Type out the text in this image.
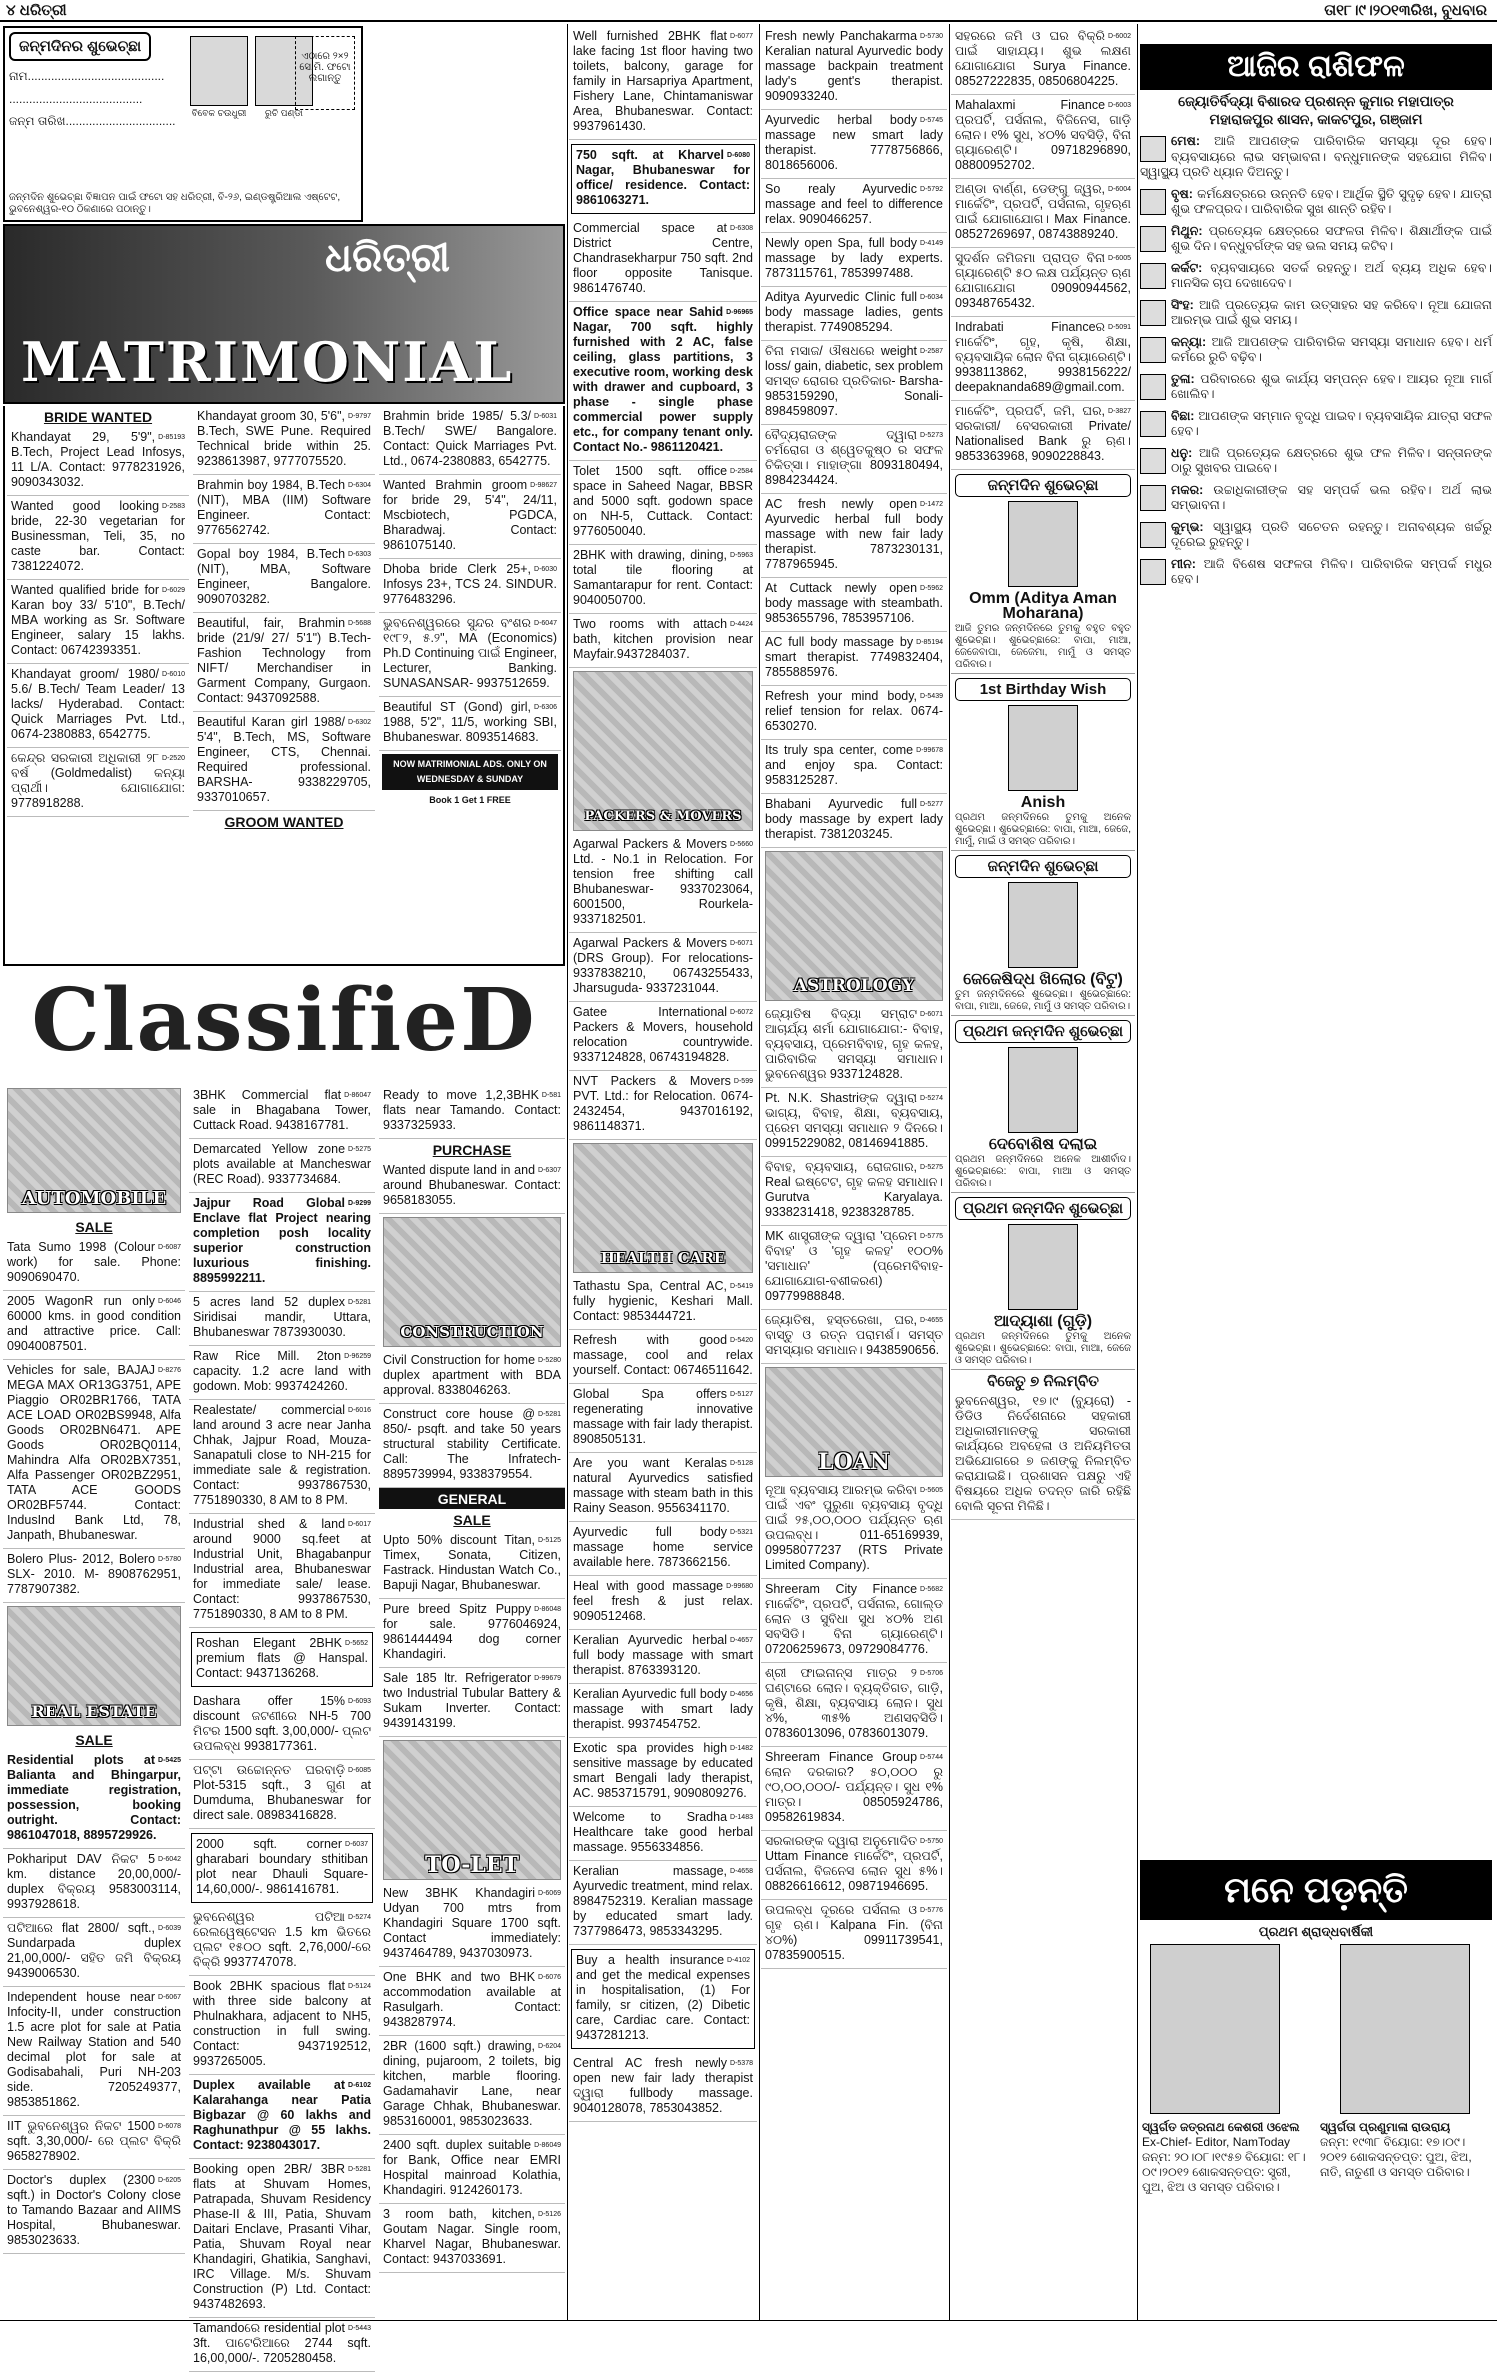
୪ ଧରିତ୍ରୀ	ତା୧୮।୯।୨୦୧୩ରିଖ, ବୁଧବାର
ଜନ୍ମଦିନର ଶୁଭେଚ୍ଛା
ନାମ.........................................
........................................
ଜନ୍ମ ତାରିଖ.................................
ବିବେକ ଚଉଧୁରୀ	ରୁଚି ପଣ୍ଡା
ଏଠାରେ ୨×୨ ସେ.ମି. ଫଟୋ ଲଗାନ୍ତୁ
ଜନ୍ମଦିନ ଶୁଭେଚ୍ଛା ବିଜ୍ଞାପନ ପାଇଁ ଫଟୋ ସହ ଧରିତ୍ରୀ, ବି-୨୬, ଇଣ୍ଡଷ୍ଟ୍ରିଆଲ ଏଷ୍ଟେଟ, ଭୁବନେଶ୍ୱର-୧୦ ଠିକଣାରେ ପଠାନ୍ତୁ।
ଧରିତ୍ରୀ
MATRIMONIAL
BRIDE WANTED

D-85193
Khandayat 29, 5'9", B.Tech, Project Lead Infosys, 11 L/A. Contact: 9778231926, 9090343032.

D-2583
Wanted good looking bride, 22-30 vegetarian for Businessman, Teli, 35, no caste bar. Contact: 7381224072.

D-6029
Wanted qualified bride for Karan boy 33/ 5'10", B.Tech/ MBA working as Sr. Software Engineer, salary 15 lakhs. Contact: 06742393351.

D-6010
Khandayat groom/ 1980/ 5.6/ B.Tech/ Team Leader/ 13 lacks/ Hyderabad. Contact: Quick Marriages Pvt. Ltd., 0674-2380883, 6542775.

D-2520
କେନ୍ଦ୍ର ସରକାରୀ ଅଧିକାରୀ ୨୮ ବର୍ଷ (Goldmedalist) କନ୍ୟା ପ୍ରାର୍ଥୀ। ଯୋଗାଯୋଗ: 9778918288.

D-9797
Khandayat groom 30, 5'6", B.Tech, SWE Pune. Required Technical bride within 25. 9238613987, 9777075520.

D-6304
Brahmin boy 1984, B.Tech (NIT), MBA (IIM) Software Engineer. Contact: 9776562742.

D-6303
Gopal boy 1984, B.Tech (NIT), MBA, Software Engineer, Bangalore. 9090703282.

D-5688
Beautiful, fair, Brahmin bride (21/9/ 27/ 5'1") B.Tech-Fashion Technology from NIFT/ Merchandiser in Garment Company, Gurgaon. Contact: 9437092588.

D-6302
Beautiful Karan girl 1988/ 5'4", B.Tech, MS, Software Engineer, CTS, Chennai. Required professional. BARSHA- 9338229705, 9337010657.

GROOM WANTED

D-6031
Brahmin bride 1985/ 5.3/ B.Tech/ SWE/ Bangalore. Contact: Quick Marriages Pvt. Ltd., 0674-2380883, 6542775.

D-98627
Wanted Brahmin groom for bride 29, 5'4", 24/11, Mscbiotech, PGDCA, Bharadwaj. Contact: 9861075140.

D-6030
Dhoba bride Clerk 25+, Infosys 23+, TCS 24. SINDUR. 9776483296.

D-6047
ଭୁବନେଶ୍ୱରରେ ସୁନ୍ଦର ବଂଶର ୧୯୮୨, ୫.୨", MA (Economics) Ph.D Continuing ପାଇଁ Engineer, Lecturer, Banking. SUNASANSAR- 9937512659.

D-6306
Beautiful ST (Gond) girl, 1988, 5'2", 11/5, working SBI, Bhubaneswar. 8093514683.

NOW MATRIMONIAL ADS. ONLY ON WEDNESDAY & SUNDAY
Book 1 Get 1 FREE
ClassifieD
AUTOMOBILE
SALE

D-6087
Tata Sumo 1998 (Colour work) for sale. Phone: 9090690470.

D-6046
2005 WagonR run only 60000 kms. in good condition and attractive price. Call: 09040087501.

D-8276
Vehicles for sale, BAJAJ MEGA MAX OR13G3751, APE Piaggio OR02BR1766, TATA ACE LOAD OR02BS9948, Alfa Goods OR02BN6471. APE Goods OR02BQ0114, Mahindra Alfa OR02BX7351, Alfa Passenger OR02BZ2951, TATA ACE GOODS OR02BF5744. Contact: IndusInd Bank Ltd, 78, Janpath, Bhubaneswar.

D-5780
Bolero Plus- 2012, Bolero SLX- 2010. M- 8908762951, 7787907382.

REAL ESTATE
SALE

D-5425
Residential plots at Balianta and Bhingarpur, immediate registration, possession, booking outright. Contact: 9861047018, 8895729926.

D-6042
Pokhariput DAV ନିକଟ 5 km. distance 20,00,000/- duplex ବିକ୍ରୟ 9583003114, 9937928618.

D-6039
ପଟିଆରେ flat 2800/ sqft., Sundarpada duplex 21,00,000/- ସହିତ ଜମି ବିକ୍ରୟ 9439006530.

D-6067
Independent house near Infocity-II, under construction 1.5 acre plot for sale at Patia New Railway Station and 540 decimal plot for sale at Godisabahali, Puri NH-203 side. 7205249377, 9853851862.

D-6078
IIT ଭୁବନେଶ୍ୱର ନିକଟ 1500 sqft. 3,30,000/- ରେ ପ୍ଲଟ ବିକ୍ରି 9658278902.

D-6205
Doctor's duplex (2300 sqft.) in Doctor's Colony close to Tamando Bazaar and AIIMS Hospital, Bhubaneswar. 9853023633.

D-86047
3BHK Commercial flat sale in Bhagabana Tower, Cuttack Road. 9438167781.

D-5275
Demarcated Yellow zone plots available at Mancheswar (REC Road). 9337734684.

D-9299
Jajpur Road Global Enclave flat Project nearing completion posh locality superior construction luxurious finishing. 8895992211.

D-5281
5 acres land 52 duplex Siridisai mandir, Uttara, Bhubaneswar 7873930030.

D-96259
Raw Rice Mill. 2ton capacity. 1.2 acre land with godown. Mob: 9937424260.

D-6016
Realestate/ commercial land around 3 acre near Janha Chhak, Jajpur Road, Mouza-Sanapatuli close to NH-215 for immediate sale & registration. Contact: 9937867530, 7751890330, 8 AM to 8 PM.

D-6017
Industrial shed & land around 9000 sq.feet at Industrial Unit, Bhagabanpur Industrial area, Bhubaneswar for immediate sale/ lease. Contact: 9937867530, 7751890330, 8 AM to 8 PM.

D-5652
Roshan Elegant 2BHK premium flats @ Hanspal. Contact: 9437136268.

D-6093
Dashara offer 15% discount ଜଟଣୀରେ NH-5 700 ମିଟର 1500 sqft. 3,00,000/- ପ୍ଲଟ ଉପଲବ୍ଧ 9938177361.

D-6085
ପଟ୍ଟା ଉଚ୍ଚୋନ୍ନତ ଘରବାଡ଼ି Plot-5315 sqft., 3 ଗୁଣ at Dumduma, Bhubaneswar for direct sale. 08983416828.

D-6037
2000 sqft. corner gharabari boundary sthitiban plot near Dhauli Square- 14,60,000/-. 9861416781.

D-5274
ଭୁବନେଶ୍ୱର ପଟିଆ ରେଲୱେଷ୍ଟେସନ 1.5 km ଭିତରେ ପ୍ଲଟ ୧୫୦୦ sqft. 2,76,000/-ରେ ବିକ୍ରି 9937747078.

D-5124
Book 2BHK spacious flat with three side balcony at Phulnakhara, adjacent to NH5, construction in full swing. Contact: 9437192512, 9937265005.

D-6102
Duplex available at Kalarahanga near Patia Bigbazar @ 60 lakhs and Raghunathpur @ 55 lakhs. Contact: 9238043017.

D-5281
Booking open 2BR/ 3BR flats at Shuvam Homes, Patrapada, Shuvam Residency Phase-II & III, Patia, Shuvam Daitari Enclave, Prasanti Vihar, Patia, Shuvam Royal near Khandagiri, Ghatikia, Sanghavi, IRC Village. M/s. Shuvam Construction (P) Ltd. Contact: 9437482693.

D-5443
Tamandoରେ residential plot 3ft. ପାଟେରିଆରେ 2744 sqft. 16,00,000/-. 7205280458.

D-581
Ready to move 1,2,3BHK flats near Tamando. Contact: 9337325933.

PURCHASE

D-6307
Wanted dispute land in and around Bhubaneswar. Contact: 9658183055.

CONSTRUCTION

D-5280
Civil Construction for home duplex apartment with BDA approval. 8338046263.

D-5281
Construct core house @ 850/- psqft. and take 50 years structural stability Certificate. Call: The Infratech- 8895739994, 9338379554.

GENERAL
SALE

D-5125
Upto 50% discount Titan, Timex, Sonata, Citizen, Fastrack. Hindustan Watch Co., Bapuji Nagar, Bhubaneswar.

D-86048
Pure breed Spitz Puppy for sale. 9776046924, 9861444494 dog corner Khandagiri.

D-99679
Sale 185 ltr. Refrigerator two Industrial Tubular Battery & Sukam Inverter. Contact: 9439143199.

TO-LET

D-6069
New 3BHK Khandagiri Udyan 700 mtrs from Khandagiri Square 1700 sqft. Contact immediately: 9437464789, 9437030973.

D-6076
One BHK and two BHK accommodation available at Rasulgarh. Contact: 9438287974.

D-6204
2BR (1600 sqft.) drawing, dining, pujaroom, 2 toilets, big kitchen, marble flooring. Gadamahavir Lane, near Garage Chhak, Bhubaneswar. 9853160001, 9853023633.

D-86049
2400 sqft. duplex suitable for Bank, Office near EMRI Hospital mainroad Kolathia, Khandagiri. 9124260173.

D-5126
3 room bath, kitchen, Goutam Nagar. Single room, Kharvel Nagar, Bhubaneswar. Contact: 9437033691.

D-6077
Well furnished 2BHK flat lake facing 1st floor having two toilets, balcony, garage for family in Harsapriya Apartment, Fishery Lane, Chintamaniswar Area, Bhubaneswar. Contact: 9937961430.

D-6080
750 sqft. at Kharvel Nagar, Bhubaneswar for office/ residence. Contact: 9861063271.

D-6308
Commercial space at District Centre, Chandrasekharpur 750 sqft. 2nd floor opposite Tanisque. 9861476740.

D-96965
Office space near Sahid Nagar, 700 sqft. highly furnished with 2 AC, false ceiling, glass partitions, 3 executive room, working desk with drawer and cupboard, 3 phase - single phase commercial power supply etc., for company tenant only. Contact No.- 9861120421.

D-2584
Tolet 1500 sqft. office space in Saheed Nagar, BBSR and 5000 sqft. godown space on NH-5, Cuttack. Contact: 9776050040.

D-5963
2BHK with drawing, dining, total tile flooring at Samantarapur for rent. Contact: 9040050700.

D-4424
Two rooms with attach bath, kitchen provision near Mayfair.9437284037.

PACKERS & MOVERS

D-5660
Agarwal Packers & Movers Ltd. - No.1 in Relocation. For tension free shifting call Bhubaneswar- 9337023064, 6001500, Rourkela- 9337182501.

D-6071
Agarwal Packers & Movers (DRS Group). For relocations- 9337838210, 06743255433, Jharsuguda- 9337231044.

D-6072
Gatee International Packers & Movers, household relocation countrywide. 9337124828, 06743194828.

D-599
NVT Packers & Movers PVT. Ltd.: for Relocation. 0674-2432454, 9437016192, 9861148371.

HEALTH CARE

D-5419
Tathastu Spa, Central AC, fully hygienic, Keshari Mall. Contact: 9853444721.

D-5420
Refresh with good massage, cool and relax yourself. Contact: 06746511642.

D-5127
Global Spa offers regenerating innovative massage with fair lady therapist. 8908505131.

D-5128
Are you want Keralas natural Ayurvedics satisfied massage with steam bath in this Rainy Season. 9556341170.

D-5321
Ayurvedic full body massage home service available here. 7873662156.

D-99680
Heal with good massage feel fresh & just relax. 9090512468.

D-4657
Keralian Ayurvedic herbal full body massage with smart therapist. 8763393120.

D-4656
Keralian Ayurvedic full body massage with smart lady therapist. 9937454752.

D-1482
Exotic spa provides high sensitive massage by educated smart Bengali lady therapist, AC. 9853715791, 9090809276.

D-1483
Welcome to Sradha Healthcare take good herbal massage. 9556334856.

D-4658
Keralian massage, Ayurvedic treatment, mind relax. 8984752319. Keralian massage by educated smart lady. 7377986473, 9853343295.

D-4102
Buy a health insurance and get the medical expenses in hospitalisation, (1) For family, sr citizen, (2) Dibetic care, Cardiac care. Contact: 9437281213.

D-5378
Central AC fresh newly open new fair lady therapist ଦ୍ୱାରା fullbody massage. 9040128078, 7853043852.

D-5730
Fresh newly Panchakarma Keralian natural Ayurvedic body massage backpain treatment lady's gent's therapist. 9090933240.

D-5745
Ayurvedic herbal body massage new smart lady therapist. 7778756866, 8018656006.

D-5792
So realy Ayurvedic massage and feel to difference relax. 9090466257.

D-4149
Newly open Spa, full body massage by lady experts. 7873115761, 7853997488.

D-6034
Aditya Ayurvedic Clinic full body massage ladies, gents therapist. 7749085294.

D-2587
ଚିନା ମସାଜ/ ଔଷଧରେ weight loss/ gain, diabetic, sex problem ସମସ୍ତ ରୋଗର ପ୍ରତିକାର- Barsha- 9853159290, Sonali- 8984598097.

D-5273
ବୈଦ୍ୟରାଜଙ୍କ ଦ୍ୱାରା ଚର୍ମରୋଗ ଓ ଶ୍ୱେତକୁଷ୍ଠ ର ସଫଳ ଚିକିତ୍ସା। ମାହାଙ୍ଗା 8093180494, 8984234424.

D-1472
AC fresh newly open Ayurvedic herbal full body massage with new fair lady therapist. 7873230131, 7787965945.

D-5962
At Cuttack newly open body massage with steambath. 9853655796, 7853957106.

D-85194
AC full body massage by smart therapist. 7749832404, 7855885976.

D-5439
Refresh your mind body, relief tension for relax. 0674-6530270.

D-99678
Its truly spa center, come and enjoy spa. Contact: 9583125287.

D-5277
Bhabani Ayurvedic full body massage by expert lady therapist. 7381203245.

ASTROLOGY

D-6071
ଜ୍ୟୋତିଷ ବିଦ୍ୟା ସମ୍ରାଟ ଆଚାର୍ଯ୍ୟ ଶର୍ମା ଯୋଗାଯୋଗ:- ବିବାହ, ବ୍ୟବସାୟ, ପ୍ରେମବିବାହ, ଗୃହ କଳହ, ପାରିବାରିକ ସମସ୍ୟା ସମାଧାନ। ଭୁବନେଶ୍ୱର 9337124828.

D-5274
Pt. N.K. Shastriଙ୍କ ଦ୍ୱାରା ଭାଗ୍ୟ, ବିବାହ, ଶିକ୍ଷା, ବ୍ୟବସାୟ, ପ୍ରେମ ସମସ୍ୟା ସମାଧାନ ୨ ଦିନରେ। 09915229082, 08146941885.

D-5275
ବିବାହ, ବ୍ୟବସାୟ, ରୋଜଗାର, Real ଇଷ୍ଟେଟ, ଗୃହ କଳହ ସମାଧାନ। Gurutva Karyalaya. 9338231418, 9238328785.

D-5775
MK ଶାସ୍ତ୍ରୀଙ୍କ ଦ୍ୱାରା 'ପ୍ରେମ ବିବାହ' ଓ 'ଗୃହ କଳହ' ୧୦୦% 'ସମାଧାନ' (ପ୍ରେମବିବାହ-ଯୋଗାଯୋଗ-ବଶୀକରଣ) 09779988848.

D-4655
ଜ୍ୟୋତିଷ, ହସ୍ତରେଖା, ଘର, ବାସ୍ତୁ ଓ ରତ୍ନ ପରାମର୍ଶ। ସମସ୍ତ ସମସ୍ୟାର ସମାଧାନ। 9438590656.

LOAN

D-5605
ନୂଆ ବ୍ୟବସାୟ ଆରମ୍ଭ କରିବା ପାଇଁ ଏବଂ ପୁରୁଣା ବ୍ୟବସାୟ ବୃଦ୍ଧି ପାଇଁ ୨୫,୦୦,୦୦୦ ପର୍ଯ୍ୟନ୍ତ ଋଣ ଉପଲବ୍ଧ। 011-65169939, 09958077237 (RTS Private Limited Company).

D-5682
Shreeram City Finance ମାର୍କେଟିଂ, ପ୍ରପର୍ଟି, ପର୍ସନାଲ, ଗୋଲ୍ଡ ଲୋନ ଓ ସୁବିଧା ସୁଧ ୪୦% ଅଣ ସବସିଡି। ବିନା ଗ୍ୟାରେଣ୍ଟି। 07206259673, 09729084776.

D-5706
ଶ୍ରୀ ଫାଇନାନ୍ସ ମାତ୍ର ୨ ଘଣ୍ଟାରେ ଲୋନ। ବ୍ୟକ୍ତିଗତ, ଗାଡ଼ି, କୃଷି, ଶିକ୍ଷା, ବ୍ୟବସାୟ ଲୋନ। ସୁଧ ୪%, ୩୫% ଅଣସବସିଡି। 07836013096, 07836013079.

D-5744
Shreeram Finance Group ଲୋନ ଦରକାର? ୫୦,୦୦୦ ରୁ ୯୦,୦୦,୦୦୦/- ପର୍ଯ୍ୟନ୍ତ। ସୁଧ ୧% ମାତ୍ର। 08505924786, 09582619834.

D-5750
ସରକାରଙ୍କ ଦ୍ୱାରା ଅନୁମୋଦିତ Uttam Finance ମାର୍କେଟିଂ, ପ୍ରପର୍ଟି, ପର୍ସନାଲ, ବିଜନେସ ଲୋନ ସୁଧ ୫%। 08826616612, 09871946695.

D-5776
ଉପଲବ୍ଧ ଦୂରରେ ପର୍ସନାଲ ଓ ଗୃହ ଋଣ। Kalpana Fin. (ବିନା ୪୦%) 09911739541, 07835900515.

D-6002
ସହରରେ ଜମି ଓ ଘର ବିକ୍ରି ପାଇଁ ସାହାଯ୍ୟ। ଶୁଭ ଲକ୍ଷଣ ଯୋଗାଯୋଗ Surya Finance. 08527222835, 08506804225.

D-6003
Mahalaxmi Finance ପ୍ରପର୍ଟି, ପର୍ସନାଲ, ବିଜିନେସ, ଗାଡ଼ି ଲୋନ। ୧% ସୁଧ, ୪୦% ସବସିଡ଼ି, ବିନା ଗ୍ୟାରେଣ୍ଟି। 09718296890, 08800952702.

D-6004
ଅଣ୍ଡା ବାର୍ଣ୍ଣ, ଡେଙ୍ଗୁ ଜ୍ୱର, ମାର୍କେଟିଂ, ପ୍ରପର୍ଟି, ପର୍ସନାଲ, ଗୃହଋଣ ପାଇଁ ଯୋଗାଯୋଗ। Max Finance. 08527269697, 08743889240.

D-6005
ସୁଦର୍ଶନ ଜମିଜମା ପ୍ରାପ୍ତ ବିନା ଗ୍ୟାରେଣ୍ଟି ୫୦ ଲକ୍ଷ ପର୍ଯ୍ୟନ୍ତ ଋଣ ଯୋଗାଯୋଗ 09090944562, 09348765432.

D-5091
Indrabati Financeର ମାର୍କେଟିଂ, ଗୃହ, କୃଷି, ଶିକ୍ଷା, ବ୍ୟବସାୟିକ ଲୋନ ବିନା ଗ୍ୟାରେଣ୍ଟି। 9938113862, 9938156222/ deepaknanda689@gmail.com.

D-3827
ମାର୍କେଟିଂ, ପ୍ରପର୍ଟି, ଜମି, ଘର, ସରକାରୀ/ ବେସରକାରୀ Private/ Nationalised Bank ରୁ ଋଣ। 9853363968, 9090228843.

ଜନ୍ମଦିନ ଶୁଭେଚ୍ଛା
Omm (Aditya Aman Moharana)
ଆଜି ତୁମର ଜନ୍ମଦିନରେ ତୁମକୁ ବହୁତ ବହୁତ ଶୁଭେଚ୍ଛା। ଶୁଭେଚ୍ଛାରେ: ବାପା, ମାଆ, ଜେଜେବାପା, ଜେଜେମା, ମାମୁଁ ଓ ସମସ୍ତ ପରିବାର।
1st Birthday Wish
Anish
ପ୍ରଥମ ଜନ୍ମଦିନରେ ତୁମକୁ ଅନେକ ଶୁଭେଚ୍ଛା। ଶୁଭେଚ୍ଛାରେ: ବାପା, ମାଆ, ଜେଜେ, ମାମୁଁ, ମାଇଁ ଓ ସମସ୍ତ ପରିବାର।
ଜନ୍ମଦିନ ଶୁଭେଚ୍ଛା
ଜେଜେଷିଦ୍ଧ ଖିଲୋର (ବିଟୁ)
ତୁମ ଜନ୍ମଦିନରେ ଶୁଭେଚ୍ଛା। ଶୁଭେଚ୍ଛାରେ: ବାପା, ମାଆ, ଜେଜେ, ମାମୁଁ ଓ ସମସ୍ତ ପରିବାର।
ପ୍ରଥମ ଜନ୍ମଦିନ ଶୁଭେଚ୍ଛା
ଦେବୋଶିଷ ଦଲାଇ
ପ୍ରଥମ ଜନ୍ମଦିନରେ ଅନେକ ଆଶୀର୍ବାଦ। ଶୁଭେଚ୍ଛାରେ: ବାପା, ମାଆ ଓ ସମସ୍ତ ପରିବାର।
ପ୍ରଥମ ଜନ୍ମଦିନ ଶୁଭେଚ୍ଛା
ଆଦ୍ୟାଶା (ଗୁଡ଼ି)
ପ୍ରଥମ ଜନ୍ମଦିନରେ ତୁମକୁ ଅନେକ ଶୁଭେଚ୍ଛା। ଶୁଭେଚ୍ଛାରେ: ବାପା, ମାଆ, ଜେଜେ ଓ ସମସ୍ତ ପରିବାର।
ବିଜେତୁ ୭ ନିଲମ୍ବିତ

ଭୁବନେଶ୍ୱର, ୧୭।୯ (ବ୍ୟୁରୋ) - ଡିଡିଓ ନିର୍ଦେଶନାରେ ସହକାରୀ ଅଧିକାରୀମାନଙ୍କୁ ସରକାରୀ କାର୍ଯ୍ୟରେ ଅବହେଳା ଓ ଅନିୟମିତତା ଅଭିଯୋଗରେ ୭ ଜଣଙ୍କୁ ନିଲମ୍ବିତ କରାଯାଇଛି। ପ୍ରଶାସନ ପକ୍ଷରୁ ଏହି ବିଷୟରେ ଅଧିକ ତଦନ୍ତ ଜାରି ରହିଛି ବୋଲି ସୂଚନା ମିଳିଛି।

ଆଜିର ରାଶିଫଳ
ଜ୍ୟୋତିର୍ବିଦ୍ୟା ବିଶାରଦ ପ୍ରଶନ୍ନ କୁମାର ମହାପାତ୍ର
ମହାରାଜପୁର ଶାସନ, କାକଟପୁର, ଗଞ୍ଜାମ
ମେଷ: ଆଜି ଆପଣଙ୍କ ପାରିବାରିକ ସମସ୍ୟା ଦୂର ହେବ। ବ୍ୟବସାୟରେ ଲାଭ ସମ୍ଭାବନା। ବନ୍ଧୁମାନଙ୍କ ସହଯୋଗ ମିଳିବ। ସ୍ୱାସ୍ଥ୍ୟ ପ୍ରତି ଧ୍ୟାନ ଦିଅନ୍ତୁ।
ବୃଷ: କର୍ମକ୍ଷେତ୍ରରେ ଉନ୍ନତି ହେବ। ଆର୍ଥିକ ସ୍ଥିତି ସୁଦୃଢ଼ ହେବ। ଯାତ୍ରା ଶୁଭ ଫଳପ୍ରଦ। ପାରିବାରିକ ସୁଖ ଶାନ୍ତି ରହିବ।
ମିଥୁନ: ପ୍ରତ୍ୟେକ କ୍ଷେତ୍ରରେ ସଫଳତା ମିଳିବ। ଶିକ୍ଷାର୍ଥୀଙ୍କ ପାଇଁ ଶୁଭ ଦିନ। ବନ୍ଧୁବର୍ଗଙ୍କ ସହ ଭଲ ସମୟ କଟିବ।
କର୍କଟ: ବ୍ୟବସାୟରେ ସତର୍କ ରହନ୍ତୁ। ଅର୍ଥ ବ୍ୟୟ ଅଧିକ ହେବ। ମାନସିକ ଚାପ ଦେଖାଦେବ।
ସିଂହ: ଆଜି ପ୍ରତ୍ୟେକ କାମ ଉତ୍ସାହର ସହ କରିବେ। ନୂଆ ଯୋଜନା ଆରମ୍ଭ ପାଇଁ ଶୁଭ ସମୟ।
କନ୍ୟା: ଆଜି ଆପଣଙ୍କ ପାରିବାରିକ ସମସ୍ୟା ସମାଧାନ ହେବ। ଧର୍ମ କର୍ମରେ ରୁଚି ବଢ଼ିବ।
ତୁଳା: ପରିବାରରେ ଶୁଭ କାର୍ଯ୍ୟ ସମ୍ପନ୍ନ ହେବ। ଆୟର ନୂଆ ମାର୍ଗ ଖୋଲିବ।
ବିଛା: ଆପଣଙ୍କ ସମ୍ମାନ ବୃଦ୍ଧି ପାଇବ। ବ୍ୟବସାୟିକ ଯାତ୍ରା ସଫଳ ହେବ।
ଧନୁ: ଆଜି ପ୍ରତ୍ୟେକ କ୍ଷେତ୍ରରେ ଶୁଭ ଫଳ ମିଳିବ। ସନ୍ତାନଙ୍କ ଠାରୁ ସୁଖବର ପାଇବେ।
ମକର: ଉଚ୍ଚାଧିକାରୀଙ୍କ ସହ ସମ୍ପର୍କ ଭଲ ରହିବ। ଅର୍ଥ ଲାଭ ସମ୍ଭାବନା।
କୁମ୍ଭ: ସ୍ୱାସ୍ଥ୍ୟ ପ୍ରତି ସଚେତନ ରହନ୍ତୁ। ଅନାବଶ୍ୟକ ଖର୍ଚ୍ଚରୁ ଦୂରେଇ ରୁହନ୍ତୁ।
ମୀନ: ଆଜି ବିଶେଷ ସଫଳତା ମିଳିବ। ପାରିବାରିକ ସମ୍ପର୍କ ମଧୁର ହେବ।
ମନେ ପଡ଼ନ୍ତି
ପ୍ରଥମ ଶ୍ରାଦ୍ଧବାର୍ଷିକୀ
ସ୍ୱର୍ଗତ ଜତ୍ରନାଥ କେଶରୀ ଓଝେଲ
Ex-Chief- Editor, NamToday
ଜନ୍ମ: ୨୦।୦୮।୧୯୫୭ ବିୟୋଗ: ୧୮।୦୯।୨୦୧୨ ଶୋକସନ୍ତପ୍ତ: ସ୍ତ୍ରୀ, ପୁଅ, ଝିଅ ଓ ସମସ୍ତ ପରିବାର।
ସ୍ୱର୍ଗତା ପ୍ରଣୁମାଳା ରାଉରାୟ
ଜନ୍ମ: ୧୯୩୮ ବିୟୋଗ: ୧୭।୦୯।୨୦୧୨ ଶୋକସନ୍ତପ୍ତ: ପୁଅ, ଝିଅ, ନାତି, ନାତୁଣୀ ଓ ସମସ୍ତ ପରିବାର।
